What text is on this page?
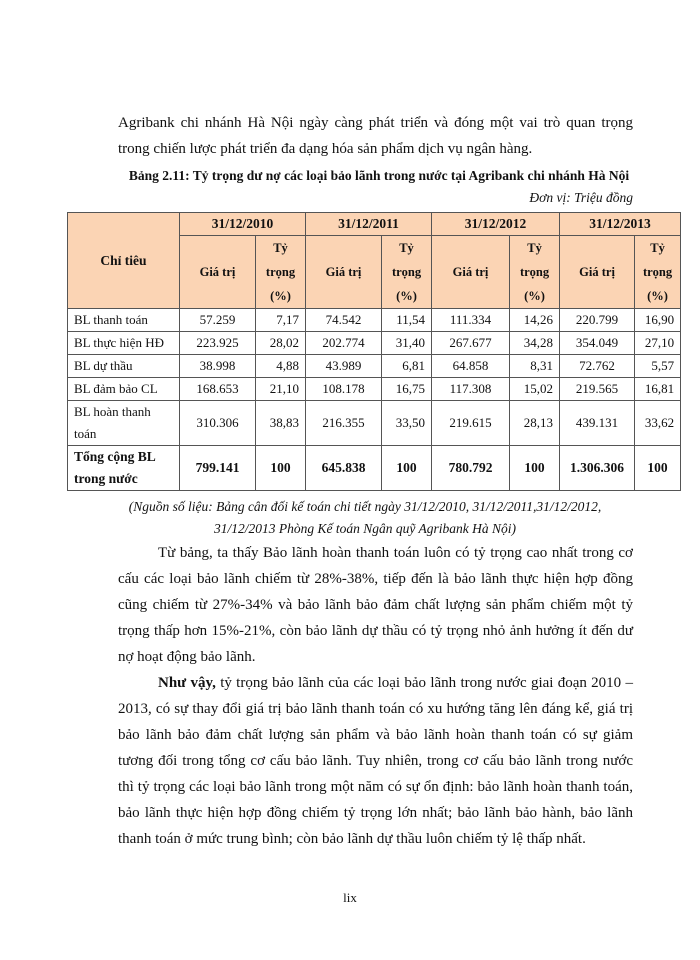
Agribank chi nhánh Hà Nội ngày càng phát triển và đóng một vai trò quan trọng trong chiến lược phát triển đa dạng hóa sản phẩm dịch vụ ngân hàng.

Bảng 2.11: Tỷ trọng dư nợ các loại bảo lãnh trong nước tại Agribank chi nhánh Hà Nội

Đơn vị: Triệu đồng

Chỉ tiêu	31/12/2010		31/12/2011		31/12/2012		31/12/2013	
	Giá trị	Tỷ trọng (%)	Giá trị	Tỷ trọng (%)	Giá trị	Tỷ trọng (%)	Giá trị	Tỷ trọng (%)
BL thanh toán	57.259	7,17	74.542	11,54	111.334	14,26	220.799	16,90
BL thực hiện HĐ	223.925	28,02	202.774	31,40	267.677	34,28	354.049	27,10
BL dự thầu	38.998	4,88	43.989	6,81	64.858	8,31	72.762	5,57
BL đảm bảo CL	168.653	21,10	108.178	16,75	117.308	15,02	219.565	16,81
BL hoàn thanh toán	310.306	38,83	216.355	33,50	219.615	28,13	439.131	33,62
Tổng cộng BL trong nước	799.141	100	645.838	100	780.792	100	1.306.306	100

(Nguồn số liệu: Bảng cân đối kế toán chi tiết ngày 31/12/2010, 31/12/2011,31/12/2012, 31/12/2013 Phòng Kế toán Ngân quỹ Agribank Hà Nội)

Từ bảng, ta thấy Bảo lãnh hoàn thanh toán luôn có tỷ trọng cao nhất trong cơ cấu các loại bảo lãnh chiếm từ 28%-38%, tiếp đến là bảo lãnh thực hiện hợp đồng cũng chiếm từ 27%-34% và bảo lãnh bảo đảm chất lượng sản phẩm chiếm một tỷ trọng thấp hơn 15%-21%, còn bảo lãnh dự thầu có tỷ trọng nhỏ ảnh hưởng ít đến dư nợ hoạt động bảo lãnh.

Như vậy, tỷ trọng bảo lãnh của các loại bảo lãnh trong nước giai đoạn 2010 – 2013, có sự thay đổi giá trị bảo lãnh thanh toán có xu hướng tăng lên đáng kể, giá trị bảo lãnh bảo đảm chất lượng sản phẩm và bảo lãnh hoàn thanh toán có sự giảm tương đối trong tổng cơ cấu bảo lãnh. Tuy nhiên, trong cơ cấu bảo lãnh trong nước thì tỷ trọng các loại bảo lãnh trong một năm có sự ổn định: bảo lãnh hoàn thanh toán, bảo lãnh thực hiện hợp đồng chiếm tỷ trọng lớn nhất; bảo lãnh bảo hành, bảo lãnh thanh toán ở mức trung bình; còn bảo lãnh dự thầu luôn chiếm tỷ lệ thấp nhất.

lix
